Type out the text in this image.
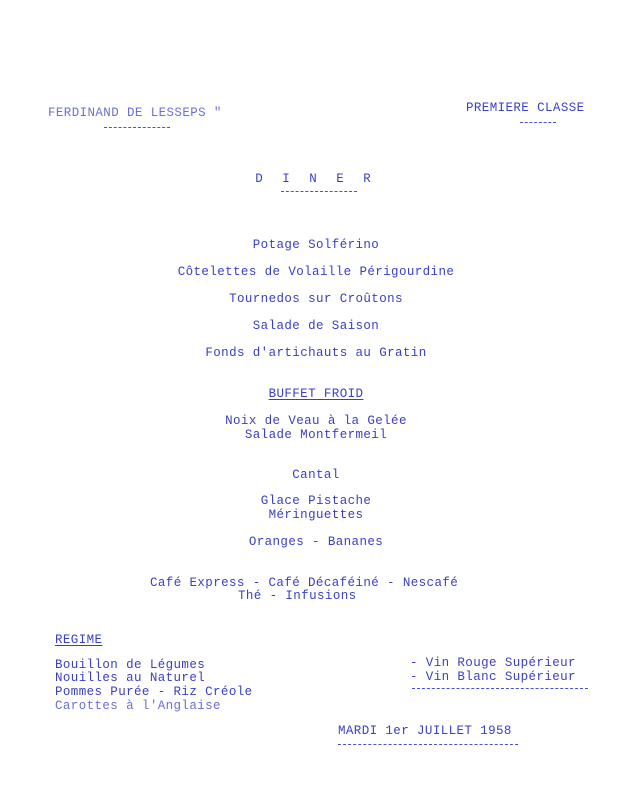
FERDINAND DE LESSEPS "	PREMIERE CLASSE
D I N E R
Potage Solférino
Côtelettes de Volaille Périgourdine
Tournedos sur Croûtons
Salade de Saison
Fonds d'artichauts au Gratin
BUFFET FROID
Noix de Veau à la Gelée
Salade Montfermeil
Cantal
Glace Pistache
Méringuettes
Oranges - Bananes
Café Express - Café Décaféiné - Nescafé
Thé - Infusions
REGIME
Bouillon de Légumes
Nouilles au Naturel
Pommes Purée - Riz Créole
Carottes à l'Anglaise
- Vin Rouge Supérieur
- Vin Blanc Supérieur
MARDI 1er JUILLET 1958
